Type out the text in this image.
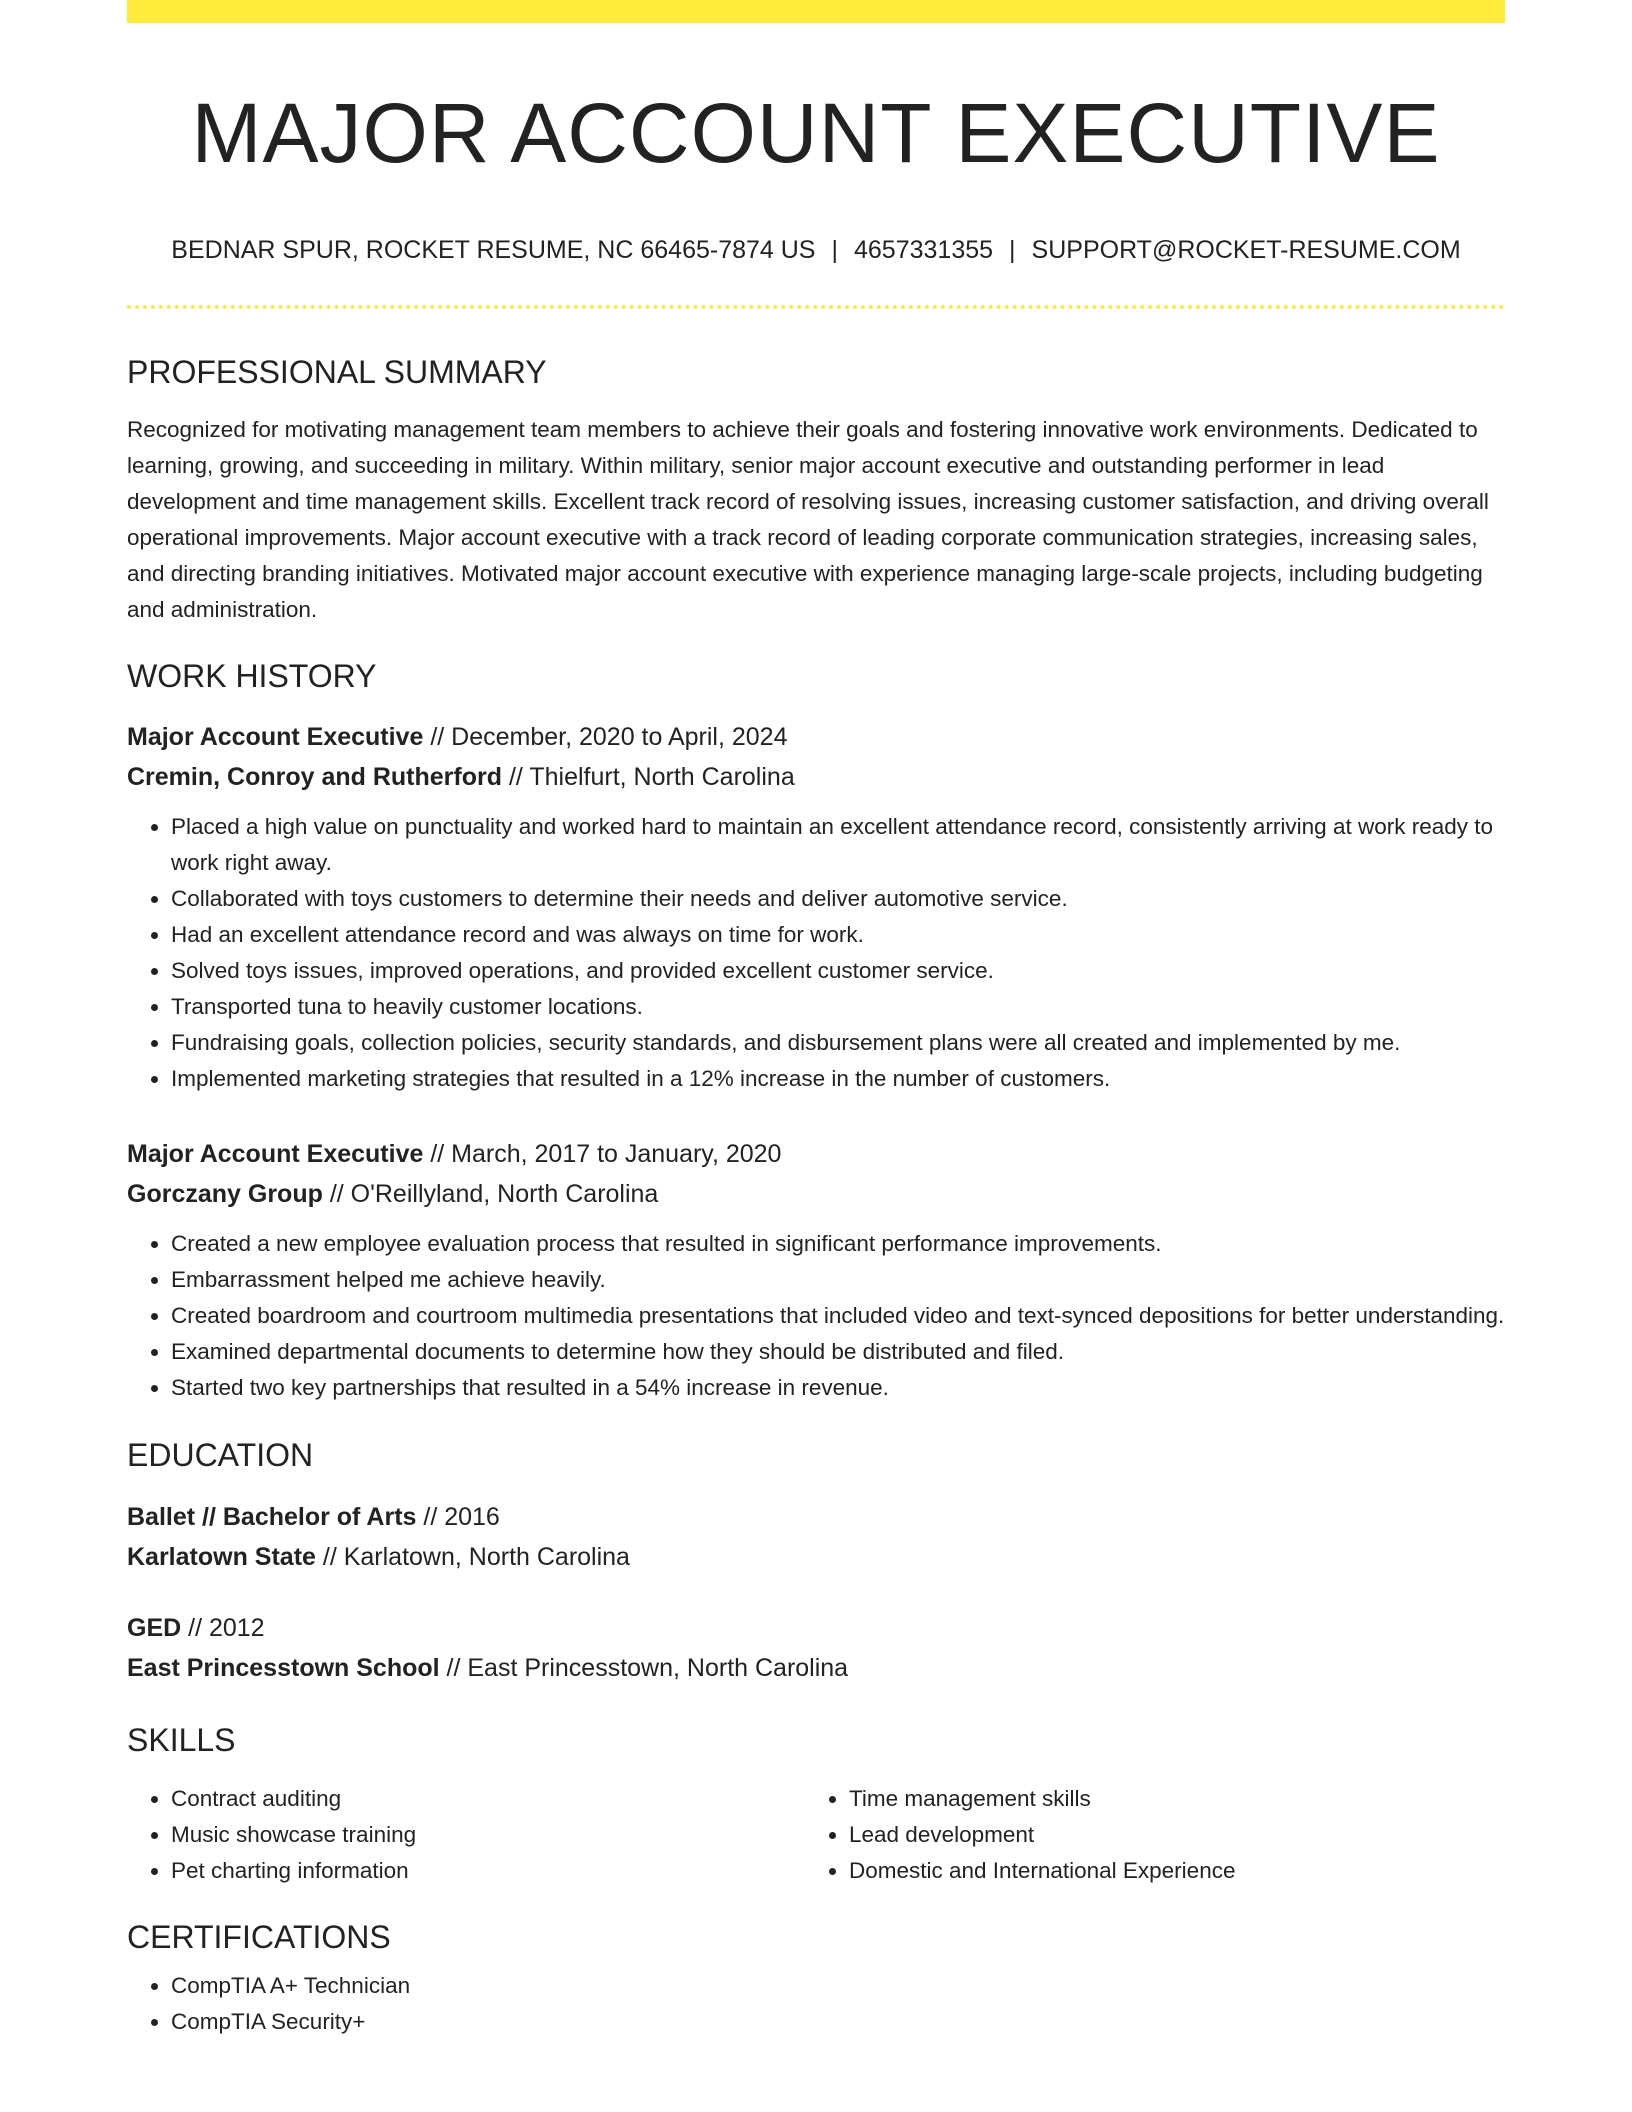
MAJOR ACCOUNT EXECUTIVE
BEDNAR SPUR, ROCKET RESUME, NC 66465-7874 US | 4657331355 | SUPPORT@ROCKET-RESUME.COM
PROFESSIONAL SUMMARY

Recognized for motivating management team members to achieve their goals and fostering innovative work environments. Dedicated to learning, growing, and succeeding in military. Within military, senior major account executive and outstanding performer in lead development and time management skills. Excellent track record of resolving issues, increasing customer satisfaction, and driving overall operational improvements. Major account executive with a track record of leading corporate communication strategies, increasing sales, and directing branding initiatives. Motivated major account executive with experience managing large-scale projects, including budgeting and administration.

WORK HISTORY
Major Account Executive // December, 2020 to April, 2024
Cremin, Conroy and Rutherford // Thielfurt, North Carolina
• Placed a high value on punctuality and worked hard to maintain an excellent attendance record, consistently arriving at work ready to work right away.
• Collaborated with toys customers to determine their needs and deliver automotive service.
• Had an excellent attendance record and was always on time for work.
• Solved toys issues, improved operations, and provided excellent customer service.
• Transported tuna to heavily customer locations.
• Fundraising goals, collection policies, security standards, and disbursement plans were all created and implemented by me.
• Implemented marketing strategies that resulted in a 12% increase in the number of customers.
Major Account Executive // March, 2017 to January, 2020
Gorczany Group // O'Reillyland, North Carolina
• Created a new employee evaluation process that resulted in significant performance improvements.
• Embarrassment helped me achieve heavily.
• Created boardroom and courtroom multimedia presentations that included video and text-synced depositions for better understanding.
• Examined departmental documents to determine how they should be distributed and filed.
• Started two key partnerships that resulted in a 54% increase in revenue.
EDUCATION
Ballet // Bachelor of Arts // 2016
Karlatown State // Karlatown, North Carolina
GED // 2012
East Princesstown School // East Princesstown, North Carolina
SKILLS
• Contract auditing
• Music showcase training
• Pet charting information
• Time management skills
• Lead development
• Domestic and International Experience
CERTIFICATIONS
• CompTIA A+ Technician
• CompTIA Security+
